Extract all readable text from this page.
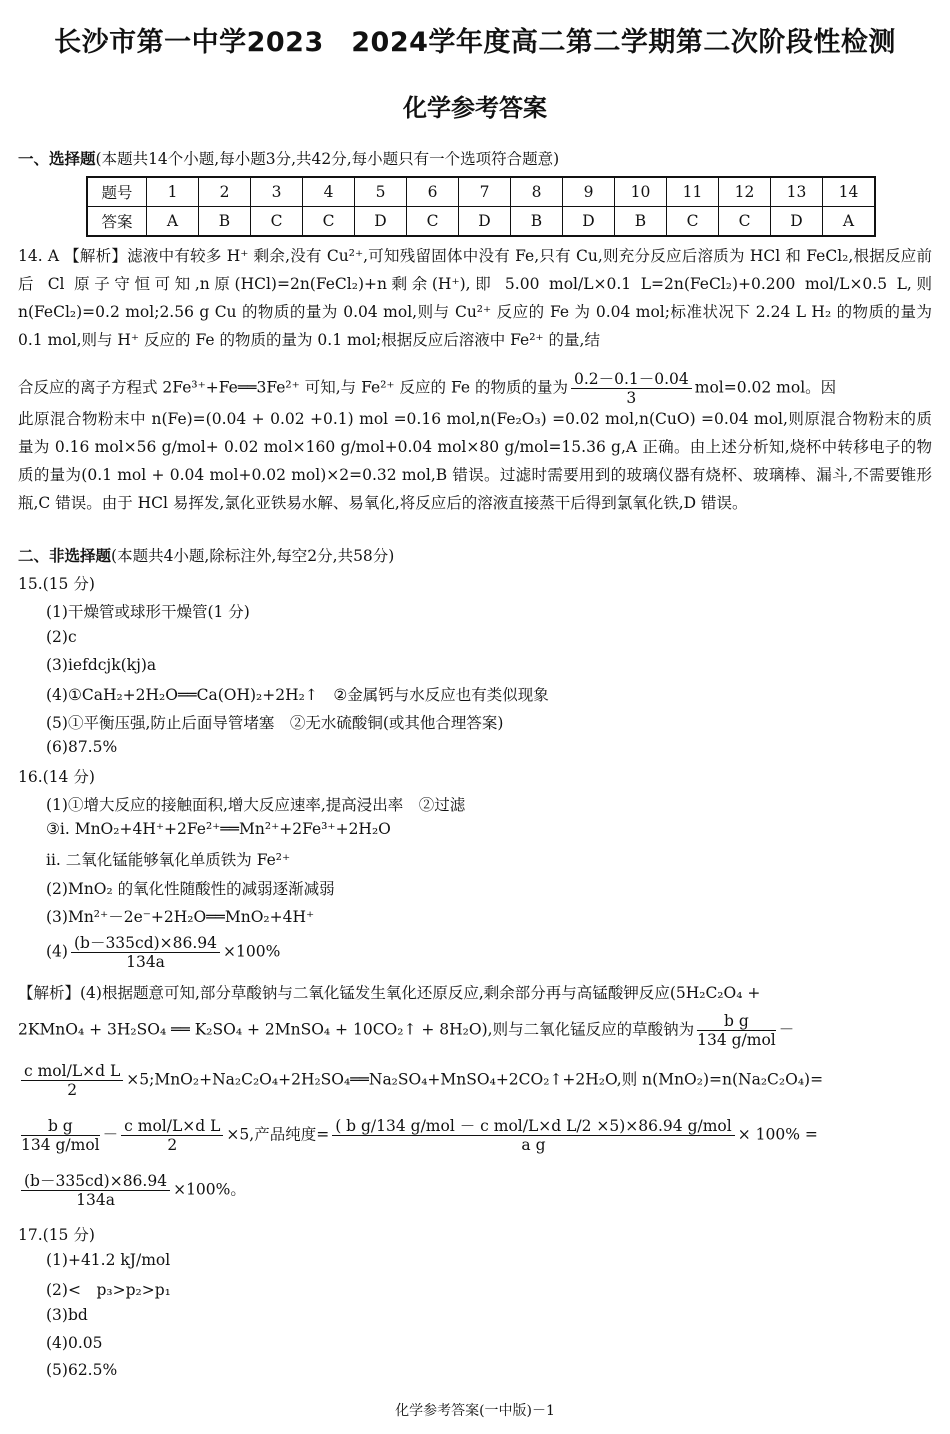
长沙市第一中学2023　2024学年度高二第二学期第二次阶段性检测
化学参考答案
一、选择题(本题共14个小题,每小题3分,共42分,每小题只有一个选项符合题意)
题号	1	2	3	4	5	6	7	8	9	10	11	12	13	14
答案	A	B	C	C	D	C	D	B	D	B	C	C	D	A
14. A 【解析】滤液中有较多 H⁺ 剩余,没有 Cu²⁺,可知残留固体中没有 Fe,只有 Cu,则充分反应后溶质为 HCl 和 FeCl₂,根据反应前后 Cl 原子守恒可知,n原(HCl)=2n(FeCl₂)+n剩余(H⁺),即 5.00 mol/L×0.1 L=2n(FeCl₂)+0.200 mol/L×0.5 L,则 n(FeCl₂)=0.2 mol;2.56 g Cu 的物质的量为 0.04 mol,则与 Cu²⁺ 反应的 Fe 为 0.04 mol;标准状况下 2.24 L H₂ 的物质的量为 0.1 mol,则与 H⁺ 反应的 Fe 的物质的量为 0.1 mol;根据反应后溶液中 Fe²⁺ 的量,结
合反应的离子方程式 2Fe³⁺+Fe══3Fe²⁺ 可知,与 Fe²⁺ 反应的 Fe 的物质的量为 $\frac{0.2-0.1-0.04}{3} mol=0.02$ mol。因
此原混合物粉末中 n(Fe)=(0.04 + 0.02 +0.1) mol =0.16 mol,n(Fe₂O₃) =0.02 mol,n(CuO) =0.04 mol,则原混合物粉末的质量为 0.16 mol×56 g/mol+ 0.02 mol×160 g/mol+0.04 mol×80 g/mol=15.36 g,A 正确。由上述分析知,烧杯中转移电子的物质的量为(0.1 mol + 0.04 mol+0.02 mol)×2=0.32 mol,B 错误。过滤时需要用到的玻璃仪器有烧杯、玻璃棒、漏斗,不需要锥形瓶,C 错误。由于 HCl 易挥发,氯化亚铁易水解、易氧化,将反应后的溶液直接蒸干后得到氯氧化铁,D 错误。
二、非选择题(本题共4小题,除标注外,每空2分,共58分)
15.(15 分)
(1)干燥管或球形干燥管(1 分)
(2)c
(3)iefdcjk(kj)a
(4)①CaH₂+2H₂O══Ca(OH)₂+2H₂↑　②金属钙与水反应也有类似现象
(5)①平衡压强,防止后面导管堵塞　②无水硫酸铜(或其他合理答案)
(6)87.5%
16.(14 分)
(1)①增大反应的接触面积,增大反应速率,提高浸出率　②过滤
③ⅰ. MnO₂+4H⁺+2Fe²⁺══Mn²⁺+2Fe³⁺+2H₂O
ⅱ. 二氧化锰能够氧化单质铁为 Fe²⁺
(2)MnO₂ 的氧化性随酸性的减弱逐渐减弱
(3)Mn²⁺－2e⁻+2H₂O══MnO₂+4H⁺
$(4) \frac{(b-335cd)\times 86.94}{134a} \times 100\%$
【解析】(4)根据题意可知,部分草酸钠与二氧化锰发生氧化还原反应,剩余部分再与高锰酸钾反应(5H₂C₂O₄ +
2KMnO₄ + 3H₂SO₄ ══ K₂SO₄ + 2MnSO₄ + 10CO₂↑ + 8H₂O),则与二氧化锰反应的草酸钠为 $\frac{\text{b g}}{\text{134 g/mol}}$ －
$\frac{\text{c mol/L×d L}}{2}$ ×5;MnO₂+Na₂C₂O₄+2H₂SO₄══Na₂SO₄+MnSO₄+2CO₂↑+2H₂O,则 n(MnO₂)=n(Na₂C₂O₄)=
$\frac{\text{b g}}{\text{134 g/mol}} - \frac{\text{c mol/L×d L}}{2} \times 5$,产品纯度= $\frac{\text{( b g/134 g/mol － c mol/L×d L/2 ×5)×86.94 g/mol}}{\text{a g}} \times 100\%$ =
$\frac{(b-335cd)\times 86.94}{134a} \times 100\%$。
17.(15 分)
(1)+41.2 kJ/mol
(2)<　p₃>p₂>p₁
(3)bd
(4)0.05
(5)62.5%
化学参考答案(一中版)－1
